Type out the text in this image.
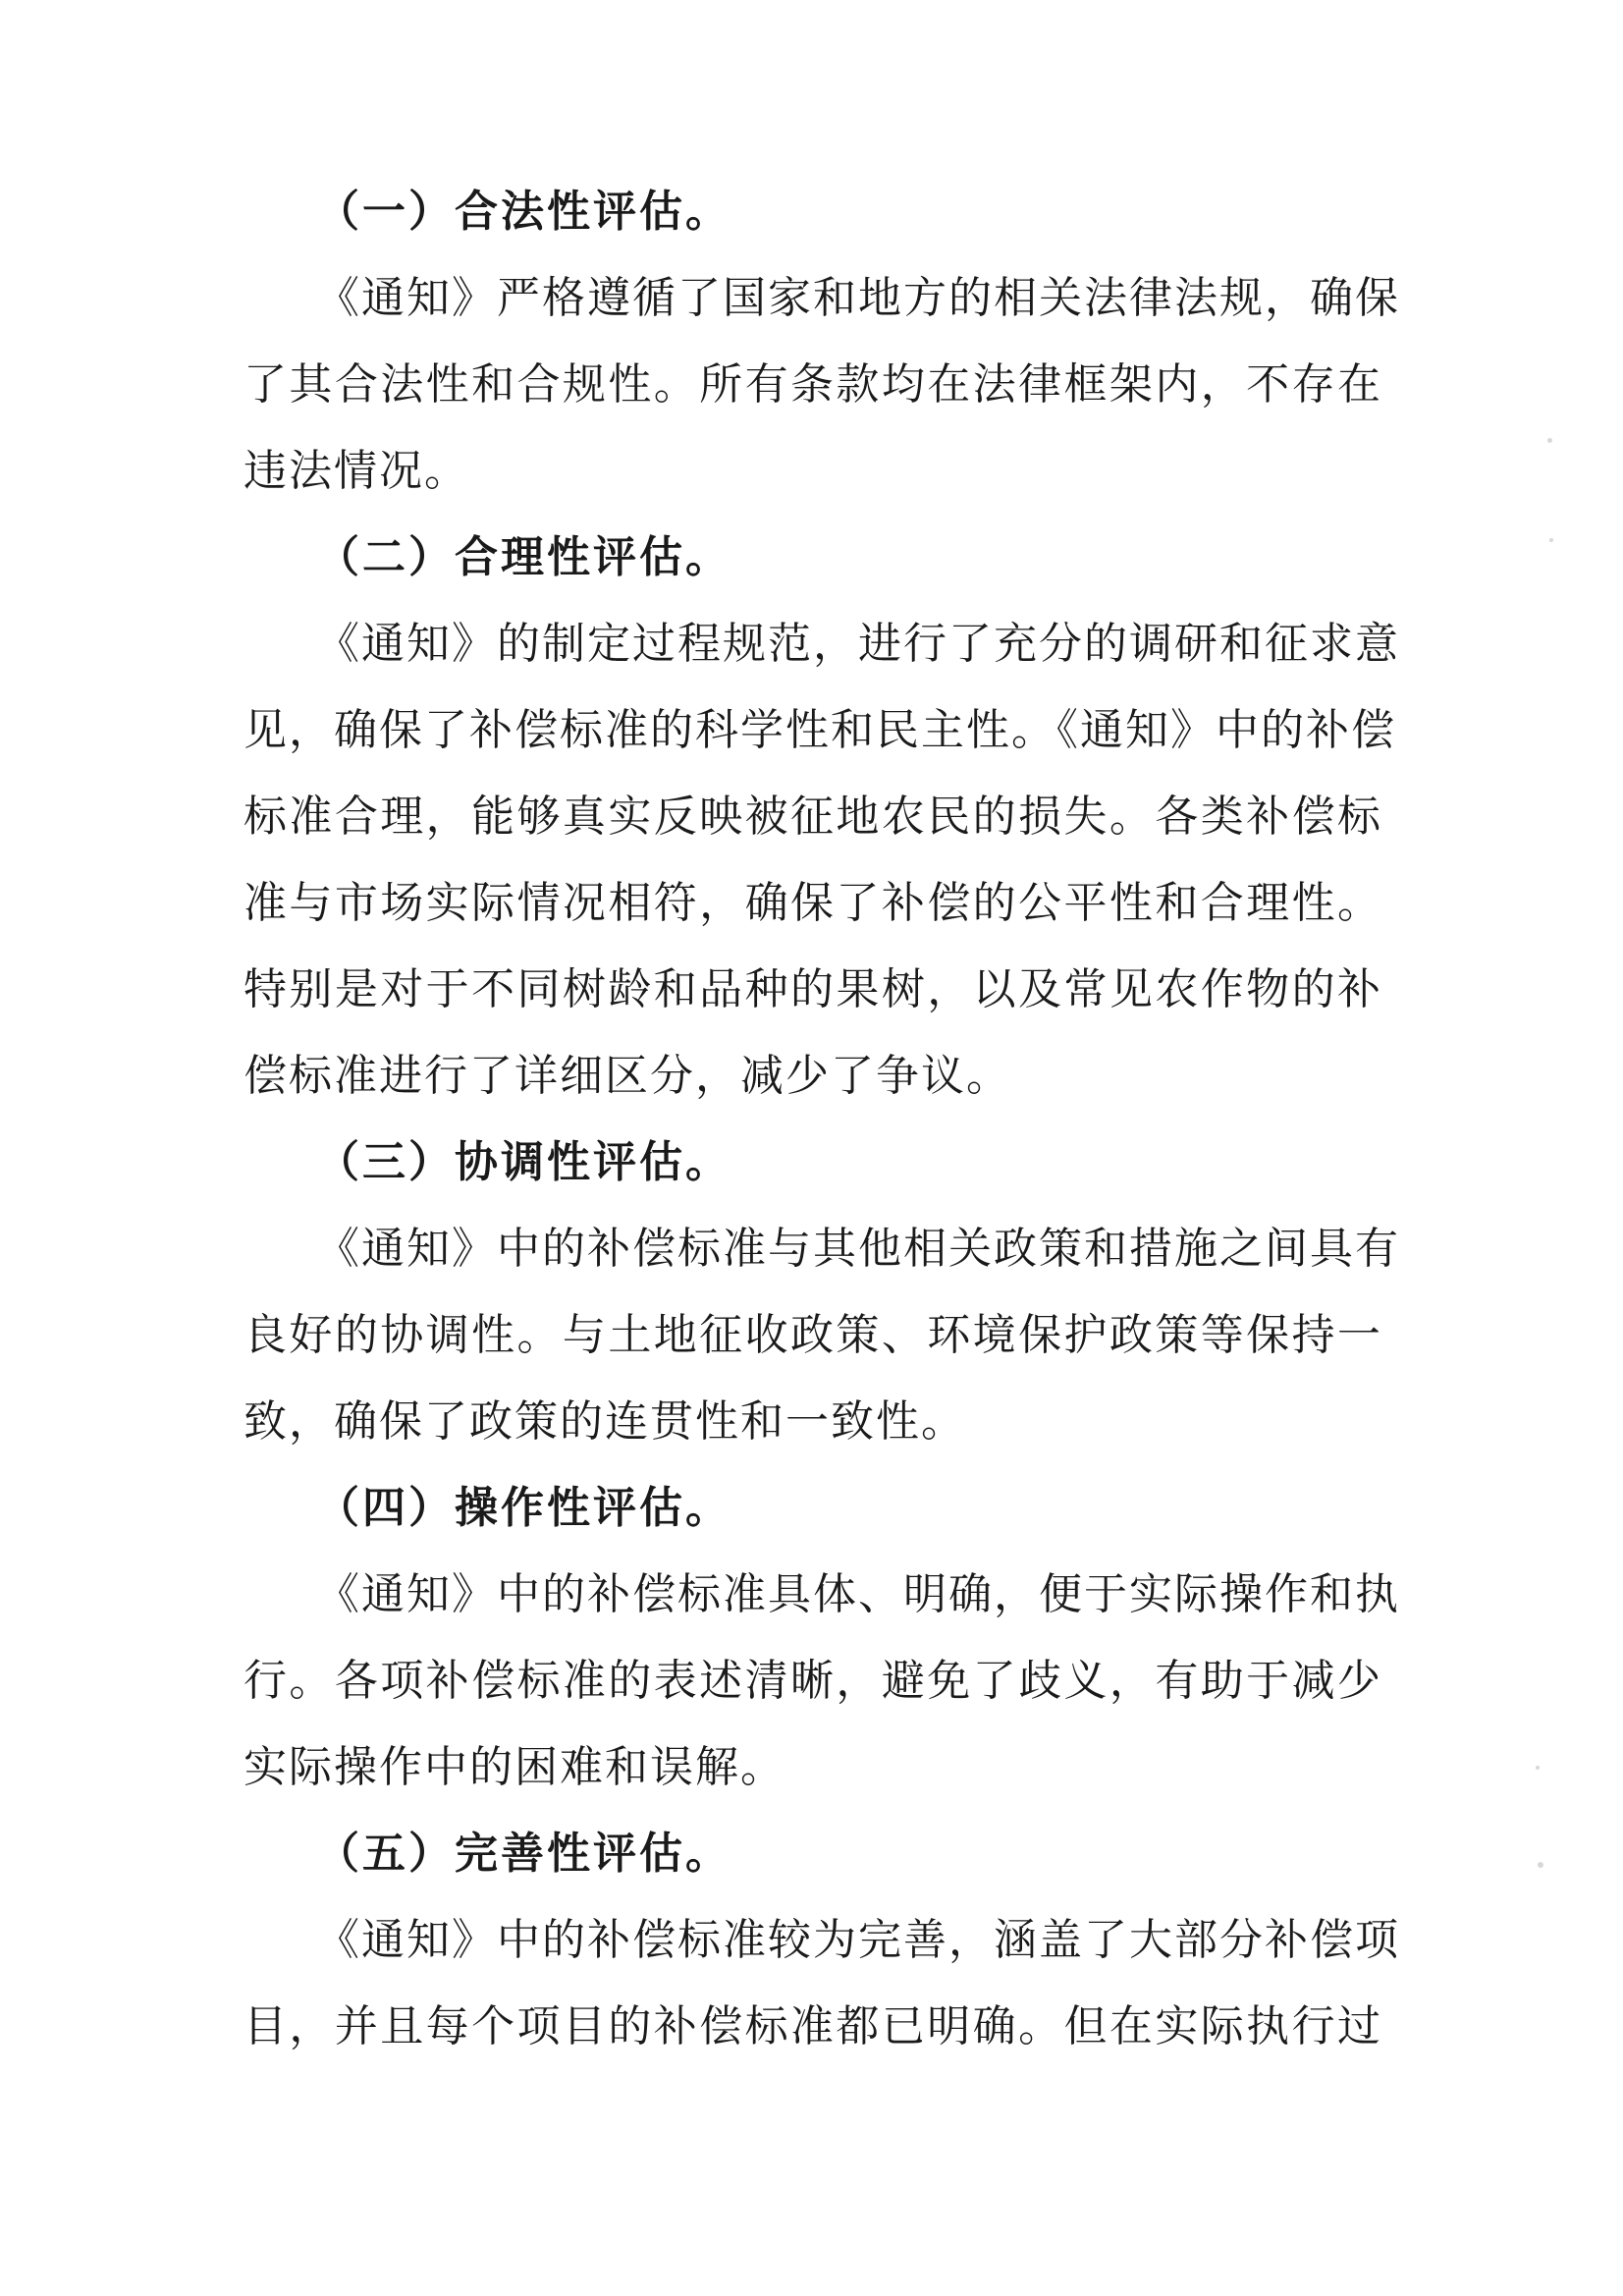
（一）合法性评估。
《通知》严格遵循了国家和地方的相关法律法规，确保
了其合法性和合规性。所有条款均在法律框架内，不存在
违法情况。
（二）合理性评估。
《通知》的制定过程规范，进行了充分的调研和征求意
见，确保了补偿标准的科学性和民主性。《通知》中的补偿
标准合理，能够真实反映被征地农民的损失。各类补偿标
准与市场实际情况相符，确保了补偿的公平性和合理性。
特别是对于不同树龄和品种的果树，以及常见农作物的补
偿标准进行了详细区分，减少了争议。
（三）协调性评估。
《通知》中的补偿标准与其他相关政策和措施之间具有
良好的协调性。与土地征收政策、环境保护政策等保持一
致，确保了政策的连贯性和一致性。
（四）操作性评估。
《通知》中的补偿标准具体、明确，便于实际操作和执
行。各项补偿标准的表述清晰，避免了歧义，有助于减少
实际操作中的困难和误解。
（五）完善性评估。
《通知》中的补偿标准较为完善，涵盖了大部分补偿项
目，并且每个项目的补偿标准都已明确。但在实际执行过
